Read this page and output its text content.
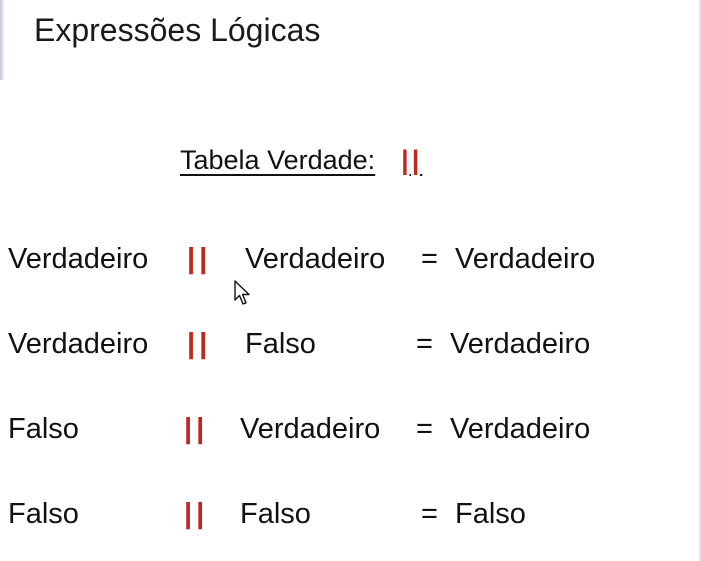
Expressões Lógicas
Tabela Verdade: ||
Verdadeiro || Verdadeiro = Verdadeiro
Verdadeiro || Falso	= Verdadeiro
Falso	|| Verdadeiro = Verdadeiro
Falso	|| Falso	= Falso
